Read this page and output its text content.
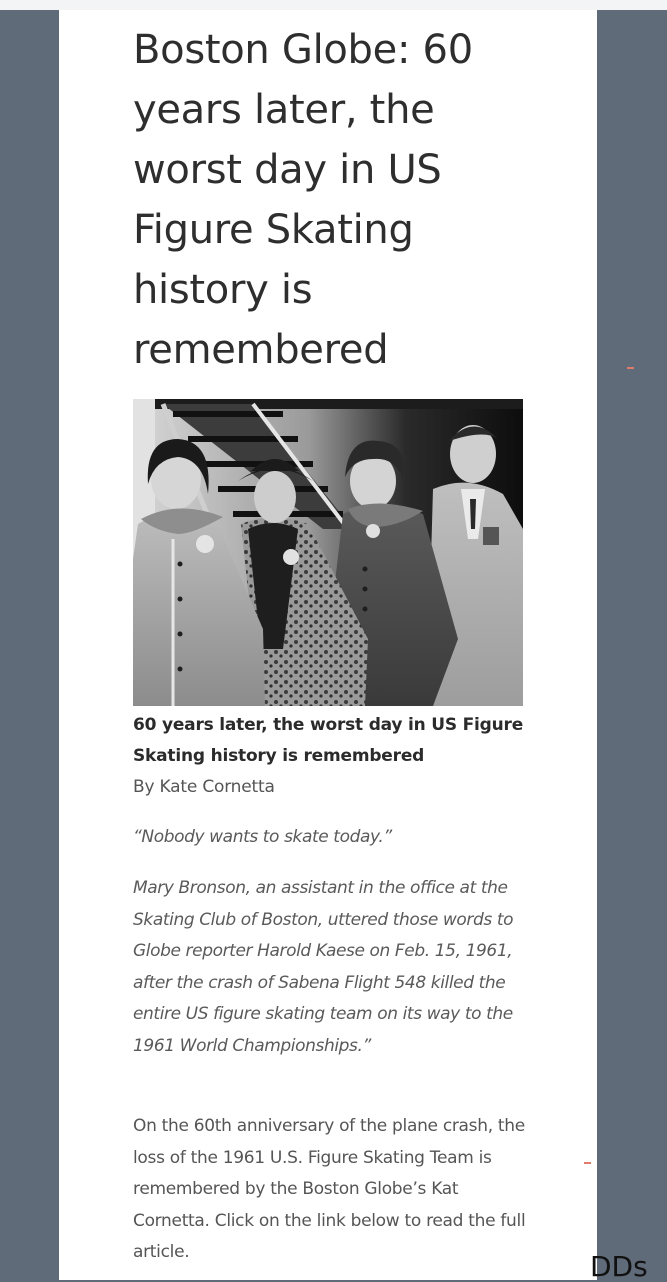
Boston Globe: 60 years later, the worst day in US Figure Skating history is remembered

60 years later, the worst day in US Figure Skating history is remembered

By Kate Cornetta

“Nobody wants to skate today.”

Mary Bronson, an assistant in the office at the Skating Club of Boston, uttered those words to Globe reporter Harold Kaese on Feb. 15, 1961, after the crash of Sabena Flight 548 killed the entire US figure skating team on its way to the 1961 World Championships.”

On the 60th anniversary of the plane crash, the loss of the 1961 U.S. Figure Skating Team is remembered by the Boston Globe’s Kat Cornetta. Click on the link below to read the full article.	DDs
